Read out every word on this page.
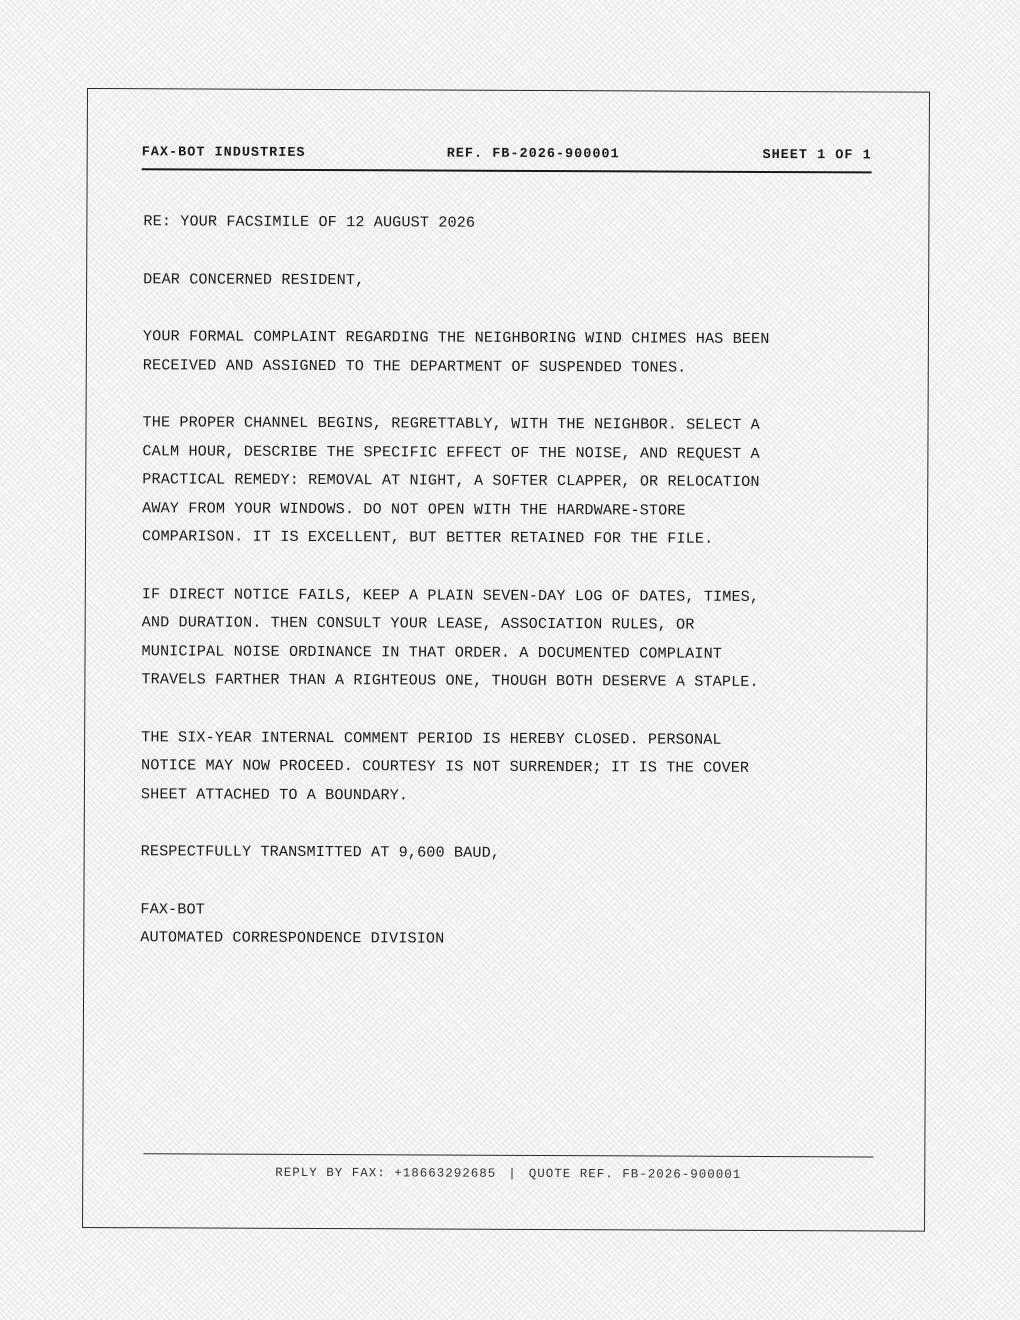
FAX-BOT INDUSTRIES	REF. FB-2026-900001	SHEET 1 OF 1

RE: YOUR FACSIMILE OF 12 AUGUST 2026

DEAR CONCERNED RESIDENT,

YOUR FORMAL COMPLAINT REGARDING THE NEIGHBORING WIND CHIMES HAS BEEN
RECEIVED AND ASSIGNED TO THE DEPARTMENT OF SUSPENDED TONES.

THE PROPER CHANNEL BEGINS, REGRETTABLY, WITH THE NEIGHBOR. SELECT A
CALM HOUR, DESCRIBE THE SPECIFIC EFFECT OF THE NOISE, AND REQUEST A
PRACTICAL REMEDY: REMOVAL AT NIGHT, A SOFTER CLAPPER, OR RELOCATION
AWAY FROM YOUR WINDOWS. DO NOT OPEN WITH THE HARDWARE-STORE
COMPARISON. IT IS EXCELLENT, BUT BETTER RETAINED FOR THE FILE.

IF DIRECT NOTICE FAILS, KEEP A PLAIN SEVEN-DAY LOG OF DATES, TIMES,
AND DURATION. THEN CONSULT YOUR LEASE, ASSOCIATION RULES, OR
MUNICIPAL NOISE ORDINANCE IN THAT ORDER. A DOCUMENTED COMPLAINT
TRAVELS FARTHER THAN A RIGHTEOUS ONE, THOUGH BOTH DESERVE A STAPLE.

THE SIX-YEAR INTERNAL COMMENT PERIOD IS HEREBY CLOSED. PERSONAL
NOTICE MAY NOW PROCEED. COURTESY IS NOT SURRENDER; IT IS THE COVER
SHEET ATTACHED TO A BOUNDARY.

RESPECTFULLY TRANSMITTED AT 9,600 BAUD,

FAX-BOT

AUTOMATED CORRESPONDENCE DIVISION

REPLY BY FAX: +18663292685 | QUOTE REF. FB-2026-900001
